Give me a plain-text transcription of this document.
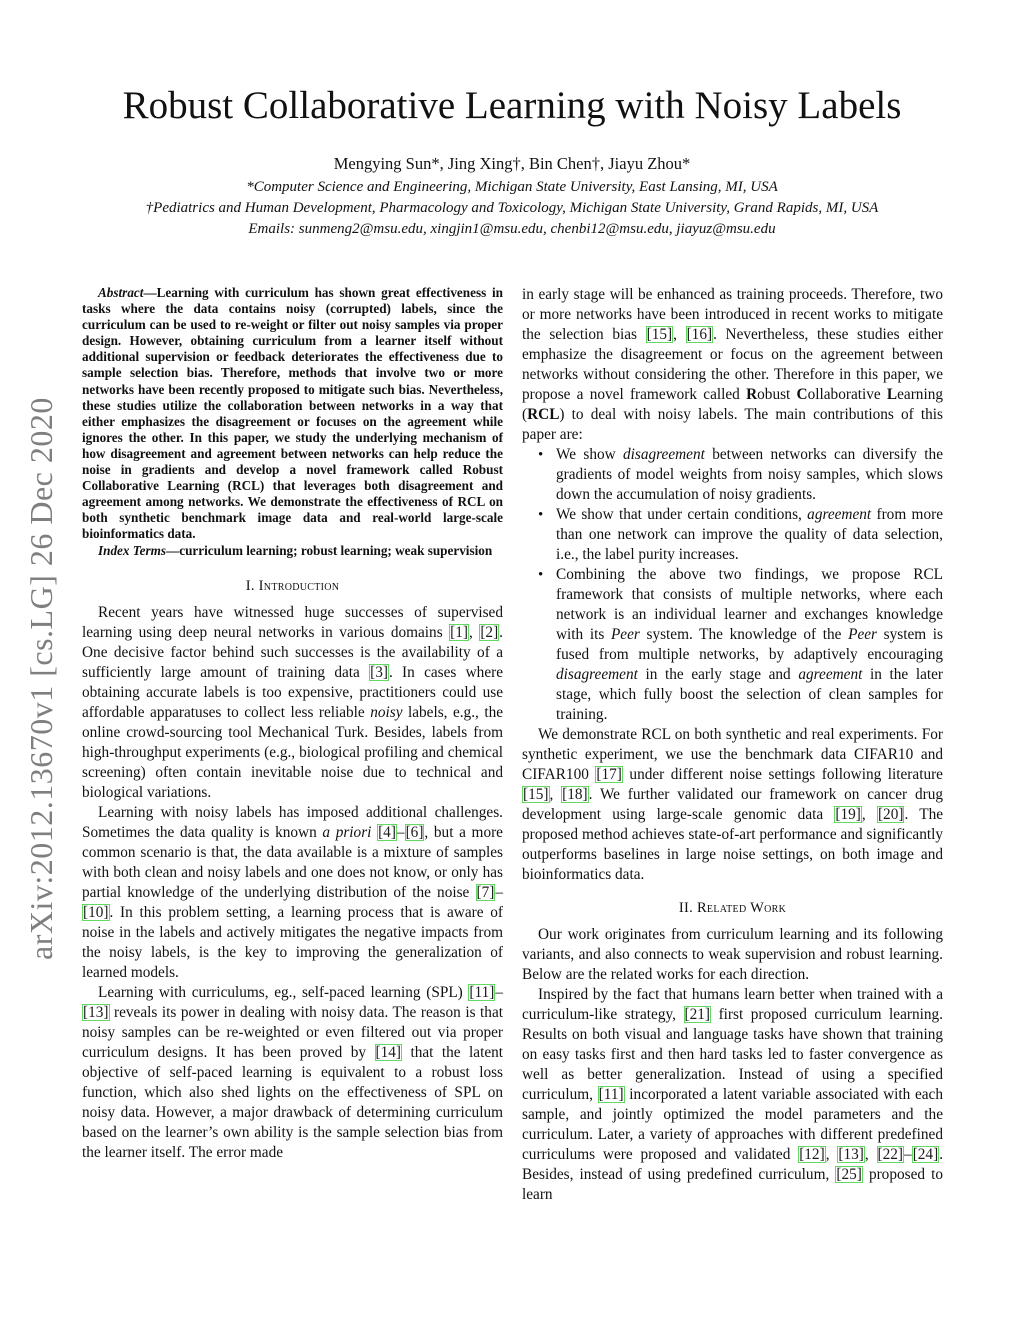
arXiv:2012.13670v1 [cs.LG] 26 Dec 2020
Robust Collaborative Learning with Noisy Labels
Mengying Sun*, Jing Xing†, Bin Chen†, Jiayu Zhou*
*Computer Science and Engineering, Michigan State University, East Lansing, MI, USA
†Pediatrics and Human Development, Pharmacology and Toxicology, Michigan State University, Grand Rapids, MI, USA
Emails: sunmeng2@msu.edu, xingjin1@msu.edu, chenbi12@msu.edu, jiayuz@msu.edu

Abstract—Learning with curriculum has shown great effectiveness in tasks where the data contains noisy (corrupted) labels, since the curriculum can be used to re-weight or filter out noisy samples via proper design. However, obtaining curriculum from a learner itself without additional supervision or feedback deteriorates the effectiveness due to sample selection bias. Therefore, methods that involve two or more networks have been recently proposed to mitigate such bias. Nevertheless, these studies utilize the collaboration between networks in a way that either emphasizes the disagreement or focuses on the agreement while ignores the other. In this paper, we study the underlying mechanism of how disagreement and agreement between networks can help reduce the noise in gradients and develop a novel framework called Robust Collaborative Learning (RCL) that leverages both disagreement and agreement among networks. We demonstrate the effectiveness of RCL on both synthetic benchmark image data and real-world large-scale bioinformatics data.

Index Terms—curriculum learning; robust learning; weak supervision

I. Introduction

Recent years have witnessed huge successes of supervised learning using deep neural networks in various domains [1], [2]. One decisive factor behind such successes is the availability of a sufficiently large amount of training data [3]. In cases where obtaining accurate labels is too expensive, practitioners could use affordable apparatuses to collect less reliable noisy labels, e.g., the online crowd-sourcing tool Mechanical Turk. Besides, labels from high-throughput experiments (e.g., biological profiling and chemical screening) often contain inevitable noise due to technical and biological variations.

Learning with noisy labels has imposed additional challenges. Sometimes the data quality is known a priori [4]–[6], but a more common scenario is that, the data available is a mixture of samples with both clean and noisy labels and one does not know, or only has partial knowledge of the underlying distribution of the noise [7]–[10]. In this problem setting, a learning process that is aware of noise in the labels and actively mitigates the negative impacts from the noisy labels, is the key to improving the generalization of learned models.

Learning with curriculums, eg., self-paced learning (SPL) [11]–[13] reveals its power in dealing with noisy data. The reason is that noisy samples can be re-weighted or even filtered out via proper curriculum designs. It has been proved by [14] that the latent objective of self-paced learning is equivalent to a robust loss function, which also shed lights on the effectiveness of SPL on noisy data. However, a major drawback of determining curriculum based on the learner’s own ability is the sample selection bias from the learner itself. The error made

in early stage will be enhanced as training proceeds. Therefore, two or more networks have been introduced in recent works to mitigate the selection bias [15], [16]. Nevertheless, these studies either emphasize the disagreement or focus on the agreement between networks without considering the other. Therefore in this paper, we propose a novel framework called Robust Collaborative Learning (RCL) to deal with noisy labels. The main contributions of this paper are:

• We show disagreement between networks can diversify the gradients of model weights from noisy samples, which slows down the accumulation of noisy gradients.
• We show that under certain conditions, agreement from more than one network can improve the quality of data selection, i.e., the label purity increases.
• Combining the above two findings, we propose RCL framework that consists of multiple networks, where each network is an individual learner and exchanges knowledge with its Peer system. The knowledge of the Peer system is fused from multiple networks, by adaptively encouraging disagreement in the early stage and agreement in the later stage, which fully boost the selection of clean samples for training.

We demonstrate RCL on both synthetic and real experiments. For synthetic experiment, we use the benchmark data CIFAR10 and CIFAR100 [17] under different noise settings following literature [15], [18]. We further validated our framework on cancer drug development using large-scale genomic data [19], [20]. The proposed method achieves state-of-art performance and significantly outperforms baselines in large noise settings, on both image and bioinformatics data.

II. Related Work

Our work originates from curriculum learning and its following variants, and also connects to weak supervision and robust learning. Below are the related works for each direction.

Inspired by the fact that humans learn better when trained with a curriculum-like strategy, [21] first proposed curriculum learning. Results on both visual and language tasks have shown that training on easy tasks first and then hard tasks led to faster convergence as well as better generalization. Instead of using a specified curriculum, [11] incorporated a latent variable associated with each sample, and jointly optimized the model parameters and the curriculum. Later, a variety of approaches with different predefined curriculums were proposed and validated [12], [13], [22]–[24]. Besides, instead of using predefined curriculum, [25] proposed to learn
